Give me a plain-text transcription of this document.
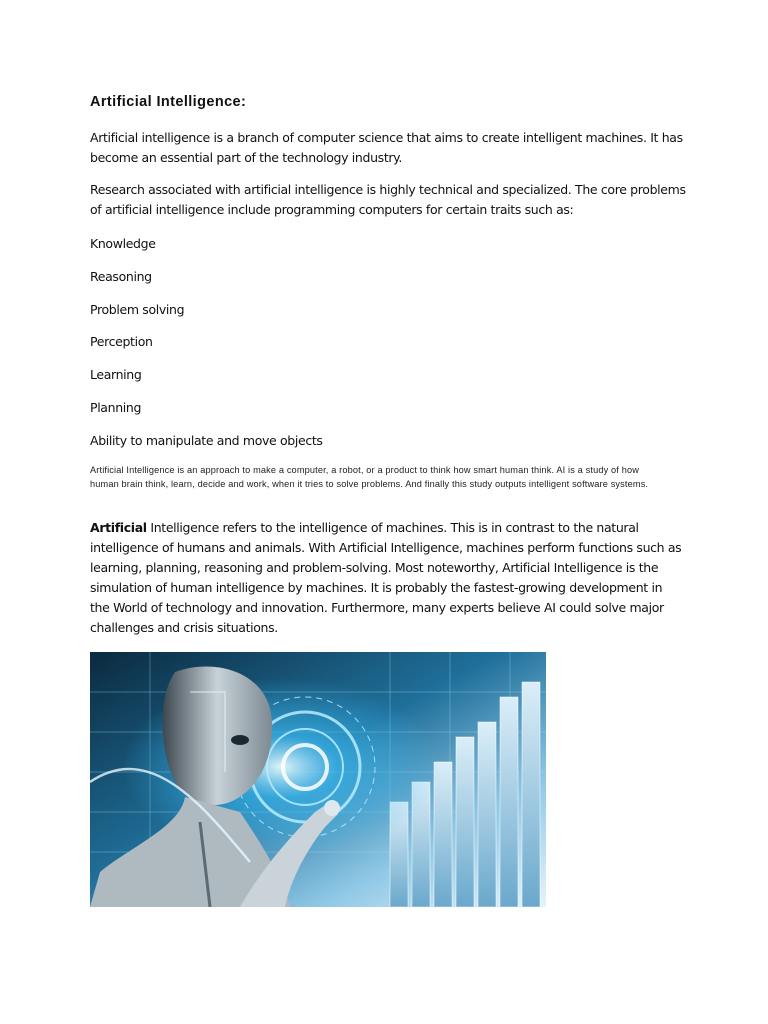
Artificial Intelligence:

Artificial intelligence is a branch of computer science that aims to create intelligent machines. It has become an essential part of the technology industry.

Research associated with artificial intelligence is highly technical and specialized. The core problems of artificial intelligence include programming computers for certain traits such as:

Knowledge

Reasoning

Problem solving

Perception

Learning

Planning

Ability to manipulate and move objects

Artificial Intelligence is an approach to make a computer, a robot, or a product to think how smart human think. AI is a study of how human brain think, learn, decide and work, when it tries to solve problems. And finally this study outputs intelligent software systems.

Artificial Intelligence refers to the intelligence of machines. This is in contrast to the natural intelligence of humans and animals. With Artificial Intelligence, machines perform functions such as learning, planning, reasoning and problem-solving. Most noteworthy, Artificial Intelligence is the simulation of human intelligence by machines. It is probably the fastest-growing development in the World of technology and innovation. Furthermore, many experts believe AI could solve major challenges and crisis situations.
